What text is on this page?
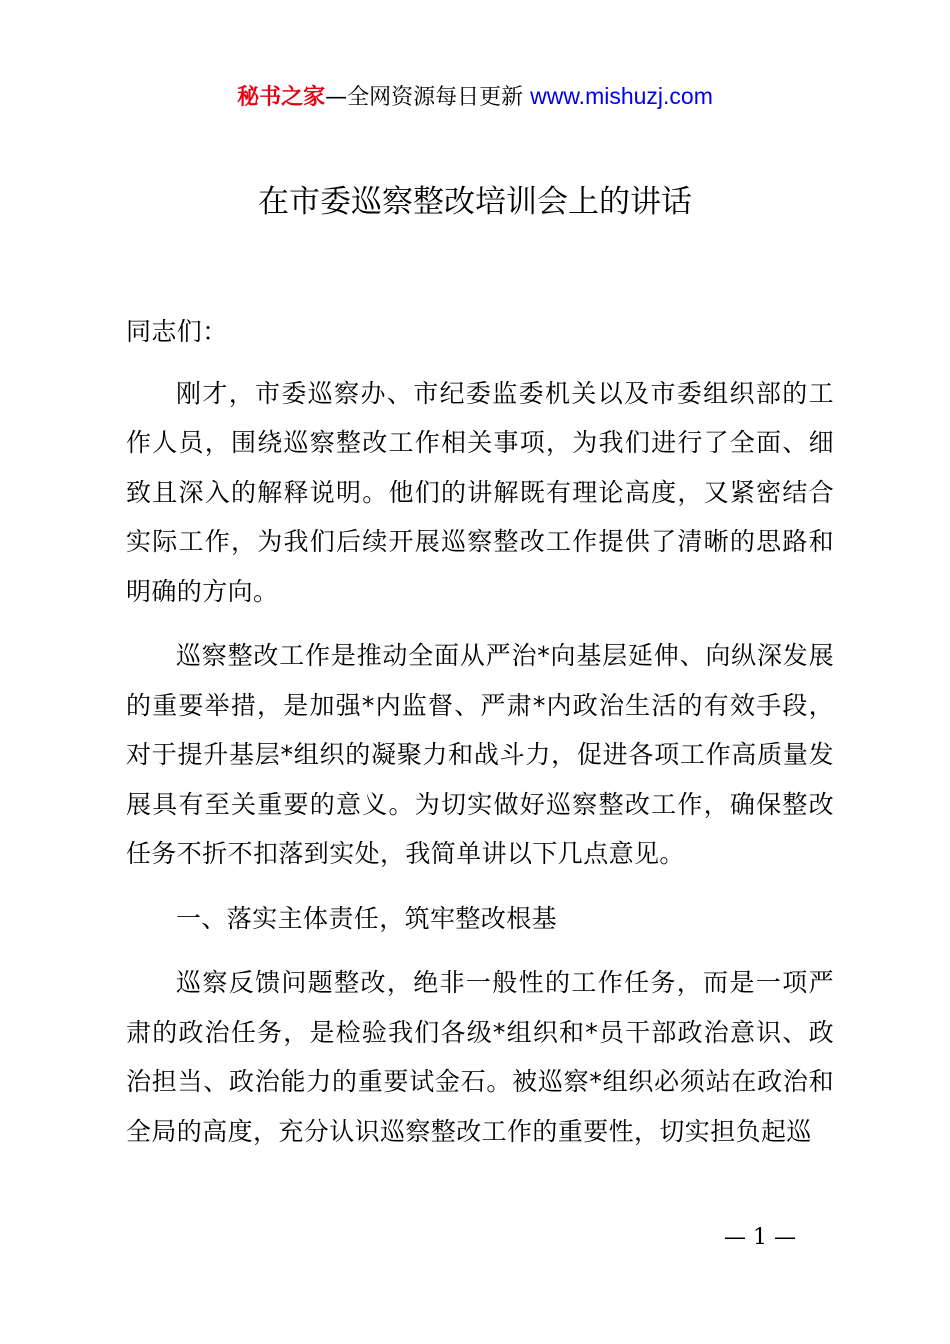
秘书之家—全网资源每日更新 www.mishuzj.com
在市委巡察整改培训会上的讲话

同志们：

刚才，市委巡察办、市纪委监委机关以及市委组织部的工作人员，围绕巡察整改工作相关事项，为我们进行了全面、细致且深入的解释说明。他们的讲解既有理论高度，又紧密结合实际工作，为我们后续开展巡察整改工作提供了清晰的思路和明确的方向。

巡察整改工作是推动全面从严治*向基层延伸、向纵深发展的重要举措，是加强*内监督、严肃*内政治生活的有效手段，对于提升基层*组织的凝聚力和战斗力，促进各项工作高质量发展具有至关重要的意义。为切实做好巡察整改工作，确保整改任务不折不扣落到实处，我简单讲以下几点意见。

一、落实主体责任，筑牢整改根基

巡察反馈问题整改，绝非一般性的工作任务，而是一项严肃的政治任务，是检验我们各级*组织和*员干部政治意识、政治担当、政治能力的重要试金石。被巡察*组织必须站在政治和全局的高度，充分认识巡察整改工作的重要性，切实担负起巡

— 1 —
